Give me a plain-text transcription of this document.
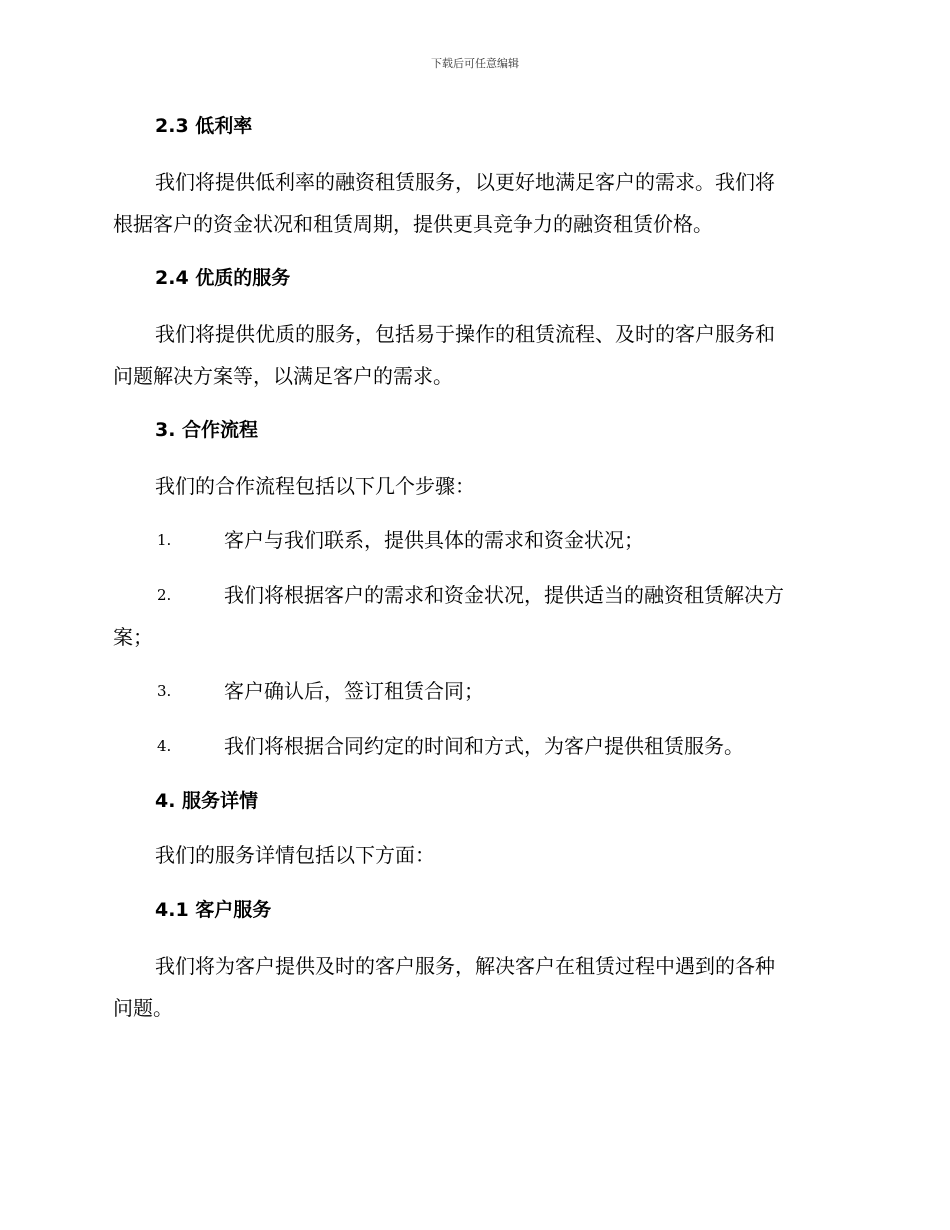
下载后可任意编辑
2.3 低利率
我们将提供低利率的融资租赁服务，以更好地满足客户的需求。我们将
根据客户的资金状况和租赁周期，提供更具竞争力的融资租赁价格。
2.4 优质的服务
我们将提供优质的服务，包括易于操作的租赁流程、及时的客户服务和
问题解决方案等，以满足客户的需求。
3. 合作流程
我们的合作流程包括以下几个步骤：
1.	客户与我们联系，提供具体的需求和资金状况；
2.	我们将根据客户的需求和资金状况，提供适当的融资租赁解决方
案；
3.	客户确认后，签订租赁合同；
4.	我们将根据合同约定的时间和方式，为客户提供租赁服务。
4. 服务详情
我们的服务详情包括以下方面：
4.1 客户服务
我们将为客户提供及时的客户服务，解决客户在租赁过程中遇到的各种
问题。
